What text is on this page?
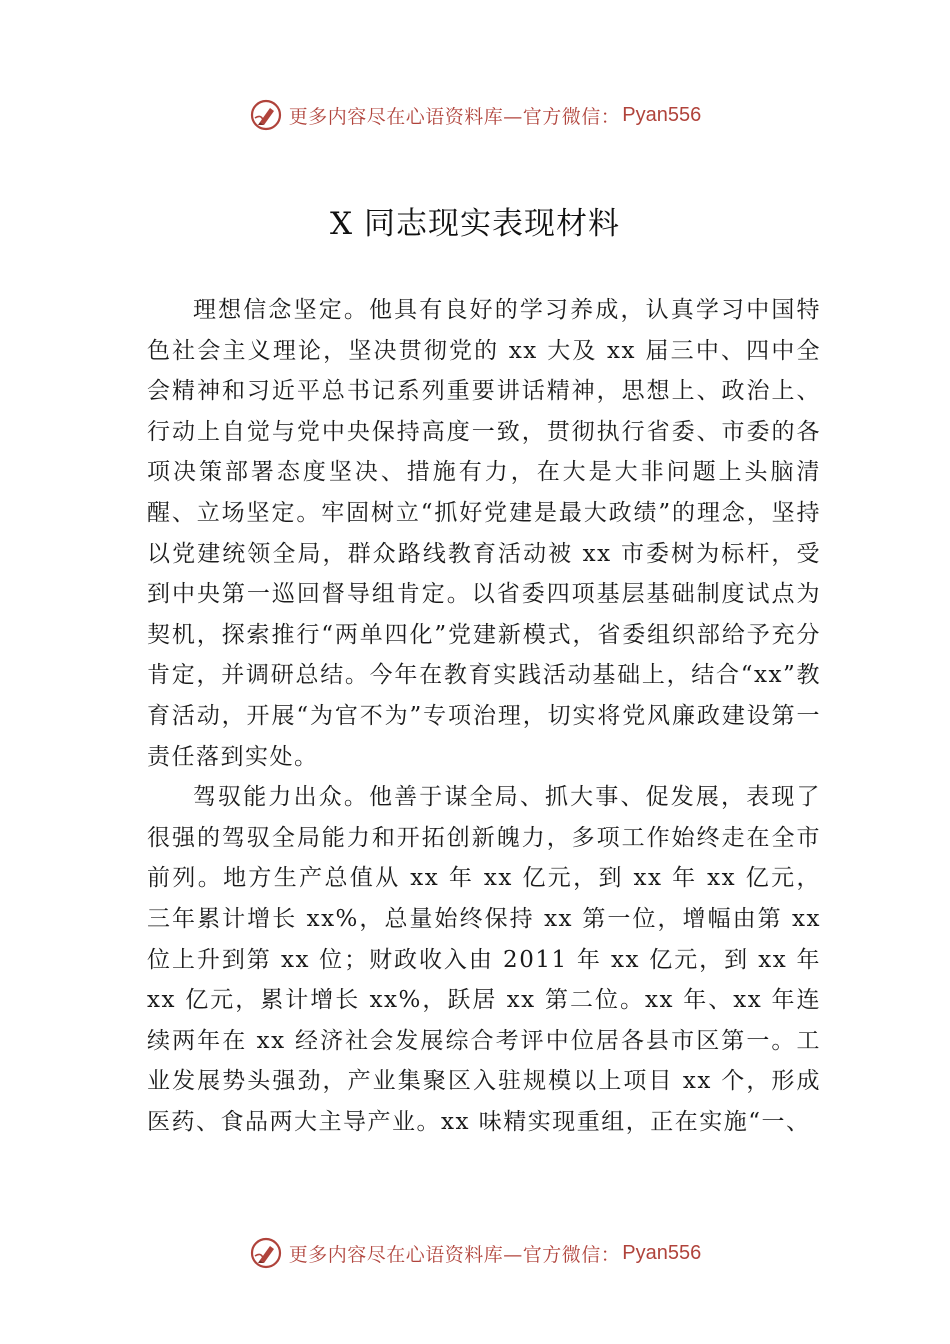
更多内容尽在心语资料库—官方微信： Pyan556
X 同志现实表现材料

理想信念坚定。他具有良好的学习养成，认真学习中国特色社会主义理论，坚决贯彻党的 xx 大及 xx 届三中、四中全会精神和习近平总书记系列重要讲话精神，思想上、政治上、行动上自觉与党中央保持高度一致，贯彻执行省委、市委的各项决策部署态度坚决、措施有力，在大是大非问题上头脑清醒、立场坚定。牢固树立“抓好党建是最大政绩”的理念，坚持以党建统领全局，群众路线教育活动被 xx 市委树为标杆，受到中央第一巡回督导组肯定。以省委四项基层基础制度试点为契机，探索推行“两单四化”党建新模式，省委组织部给予充分肯定，并调研总结。今年在教育实践活动基础上，结合“xx”教育活动，开展“为官不为”专项治理，切实将党风廉政建设第一责任落到实处。

驾驭能力出众。他善于谋全局、抓大事、促发展，表现了很强的驾驭全局能力和开拓创新魄力，多项工作始终走在全市前列。地方生产总值从 xx 年 xx 亿元，到 xx 年 xx 亿元，三年累计增长 xx%，总量始终保持 xx 第一位，增幅由第 xx 位上升到第 xx 位；财政收入由 2011 年 xx 亿元，到 xx 年 xx 亿元，累计增长 xx%，跃居 xx 第二位。xx 年、xx 年连续两年在 xx 经济社会发展综合考评中位居各县市区第一。工业发展势头强劲，产业集聚区入驻规模以上项目 xx 个，形成医药、食品两大主导产业。xx 味精实现重组，正在实施“一、

更多内容尽在心语资料库—官方微信： Pyan556
